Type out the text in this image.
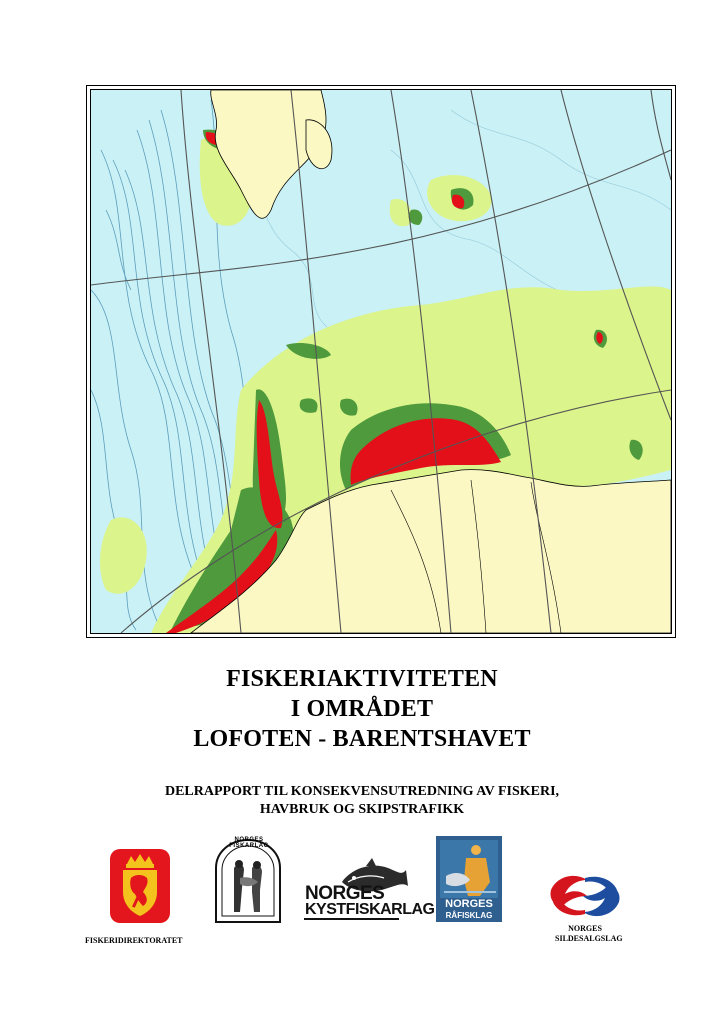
FISKERIAKTIVITETEN
I OMRÅDET
LOFOTEN - BARENTSHAVET
DELRAPPORT TIL KONSEKVENSUTREDNING AV FISKERI,
HAVBRUK OG SKIPSTRAFIKK
FISKERIDIREKTORATET
NORGES FISKARLAG
NORGES
KYSTFISKARLAG NORGES
RÅFISKLAG
NORGES
SILDESALGSLAG
